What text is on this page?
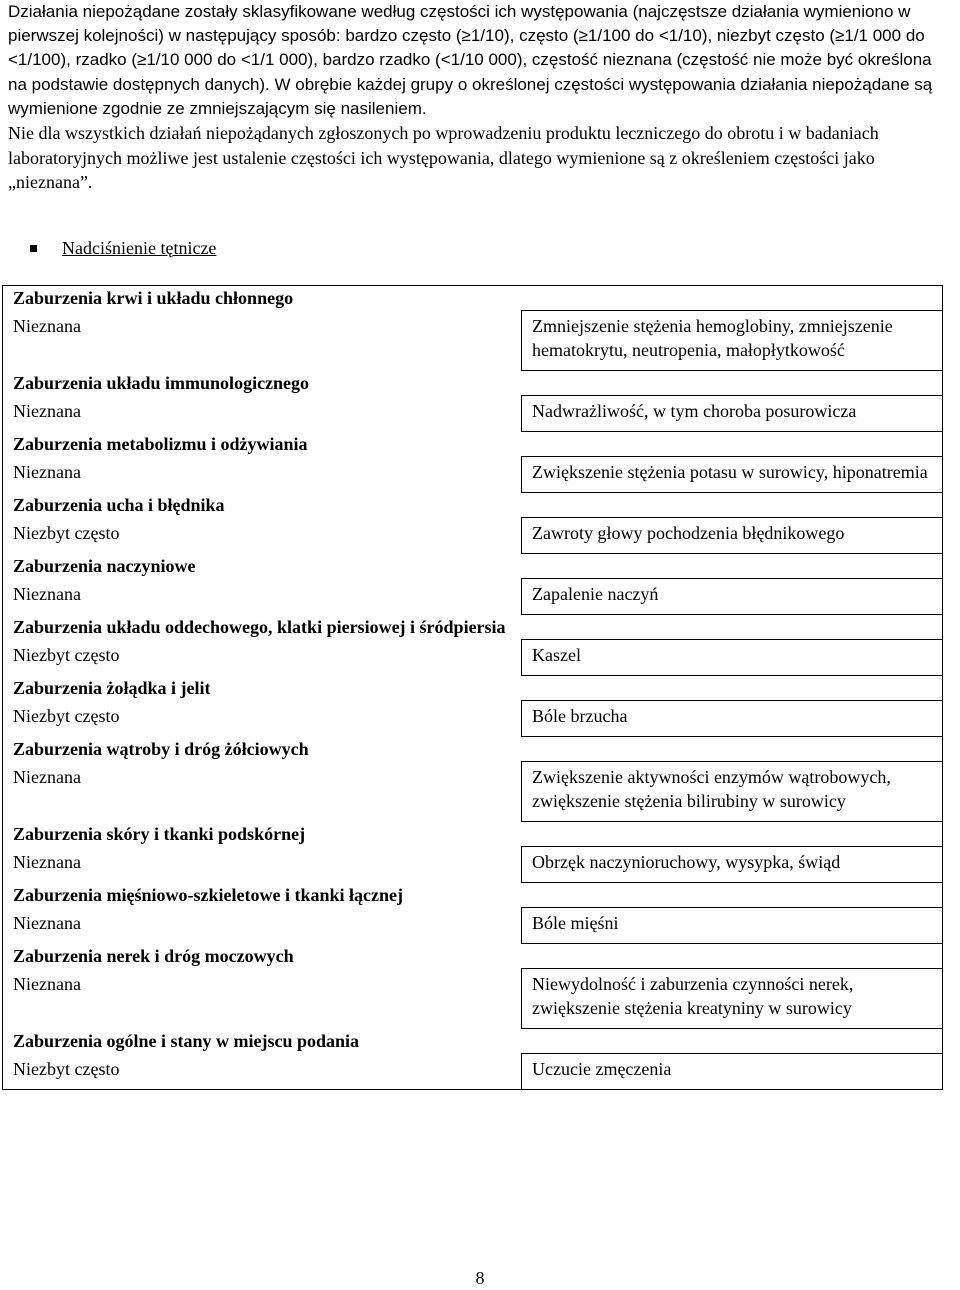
Działania niepożądane zostały sklasyfikowane według częstości ich występowania (najczęstsze działania wymieniono w pierwszej kolejności) w następujący sposób: bardzo często (≥1/10), często (≥1/100 do <1/10), niezbyt często (≥1/1 000 do <1/100), rzadko (≥1/10 000 do <1/1 000), bardzo rzadko (<1/10 000), częstość nieznana (częstość nie może być określona na podstawie dostępnych danych). W obrębie każdej grupy o określonej częstości występowania działania niepożądane są wymienione zgodnie ze zmniejszającym się nasileniem.

Nie dla wszystkich działań niepożądanych zgłoszonych po wprowadzeniu produktu leczniczego do obrotu i w badaniach laboratoryjnych możliwe jest ustalenie częstości ich występowania, dlatego wymienione są z określeniem częstości jako „nieznana”.

Nadciśnienie tętnicze
Zaburzenia krwi i układu chłonnego	
Nieznana	Zmniejszenie stężenia hemoglobiny, zmniejszenie hematokrytu, neutropenia, małopłytkowość
Zaburzenia układu immunologicznego	
Nieznana	Nadwrażliwość, w tym choroba posurowicza
Zaburzenia metabolizmu i odżywiania	
Nieznana	Zwiększenie stężenia potasu w surowicy, hiponatremia
Zaburzenia ucha i błędnika	
Niezbyt często	Zawroty głowy pochodzenia błędnikowego
Zaburzenia naczyniowe	
Nieznana	Zapalenie naczyń
Zaburzenia układu oddechowego, klatki piersiowej i śródpiersia	
Niezbyt często	Kaszel
Zaburzenia żołądka i jelit	
Niezbyt często	Bóle brzucha
Zaburzenia wątroby i dróg żółciowych	
Nieznana	Zwiększenie aktywności enzymów wątrobowych, zwiększenie stężenia bilirubiny w surowicy
Zaburzenia skóry i tkanki podskórnej	
Nieznana	Obrzęk naczynioruchowy, wysypka, świąd
Zaburzenia mięśniowo-szkieletowe i tkanki łącznej	
Nieznana	Bóle mięśni
Zaburzenia nerek i dróg moczowych	
Nieznana	Niewydolność i zaburzenia czynności nerek, zwiększenie stężenia kreatyniny w surowicy
Zaburzenia ogólne i stany w miejscu podania	
Niezbyt często	Uczucie zmęczenia
8
